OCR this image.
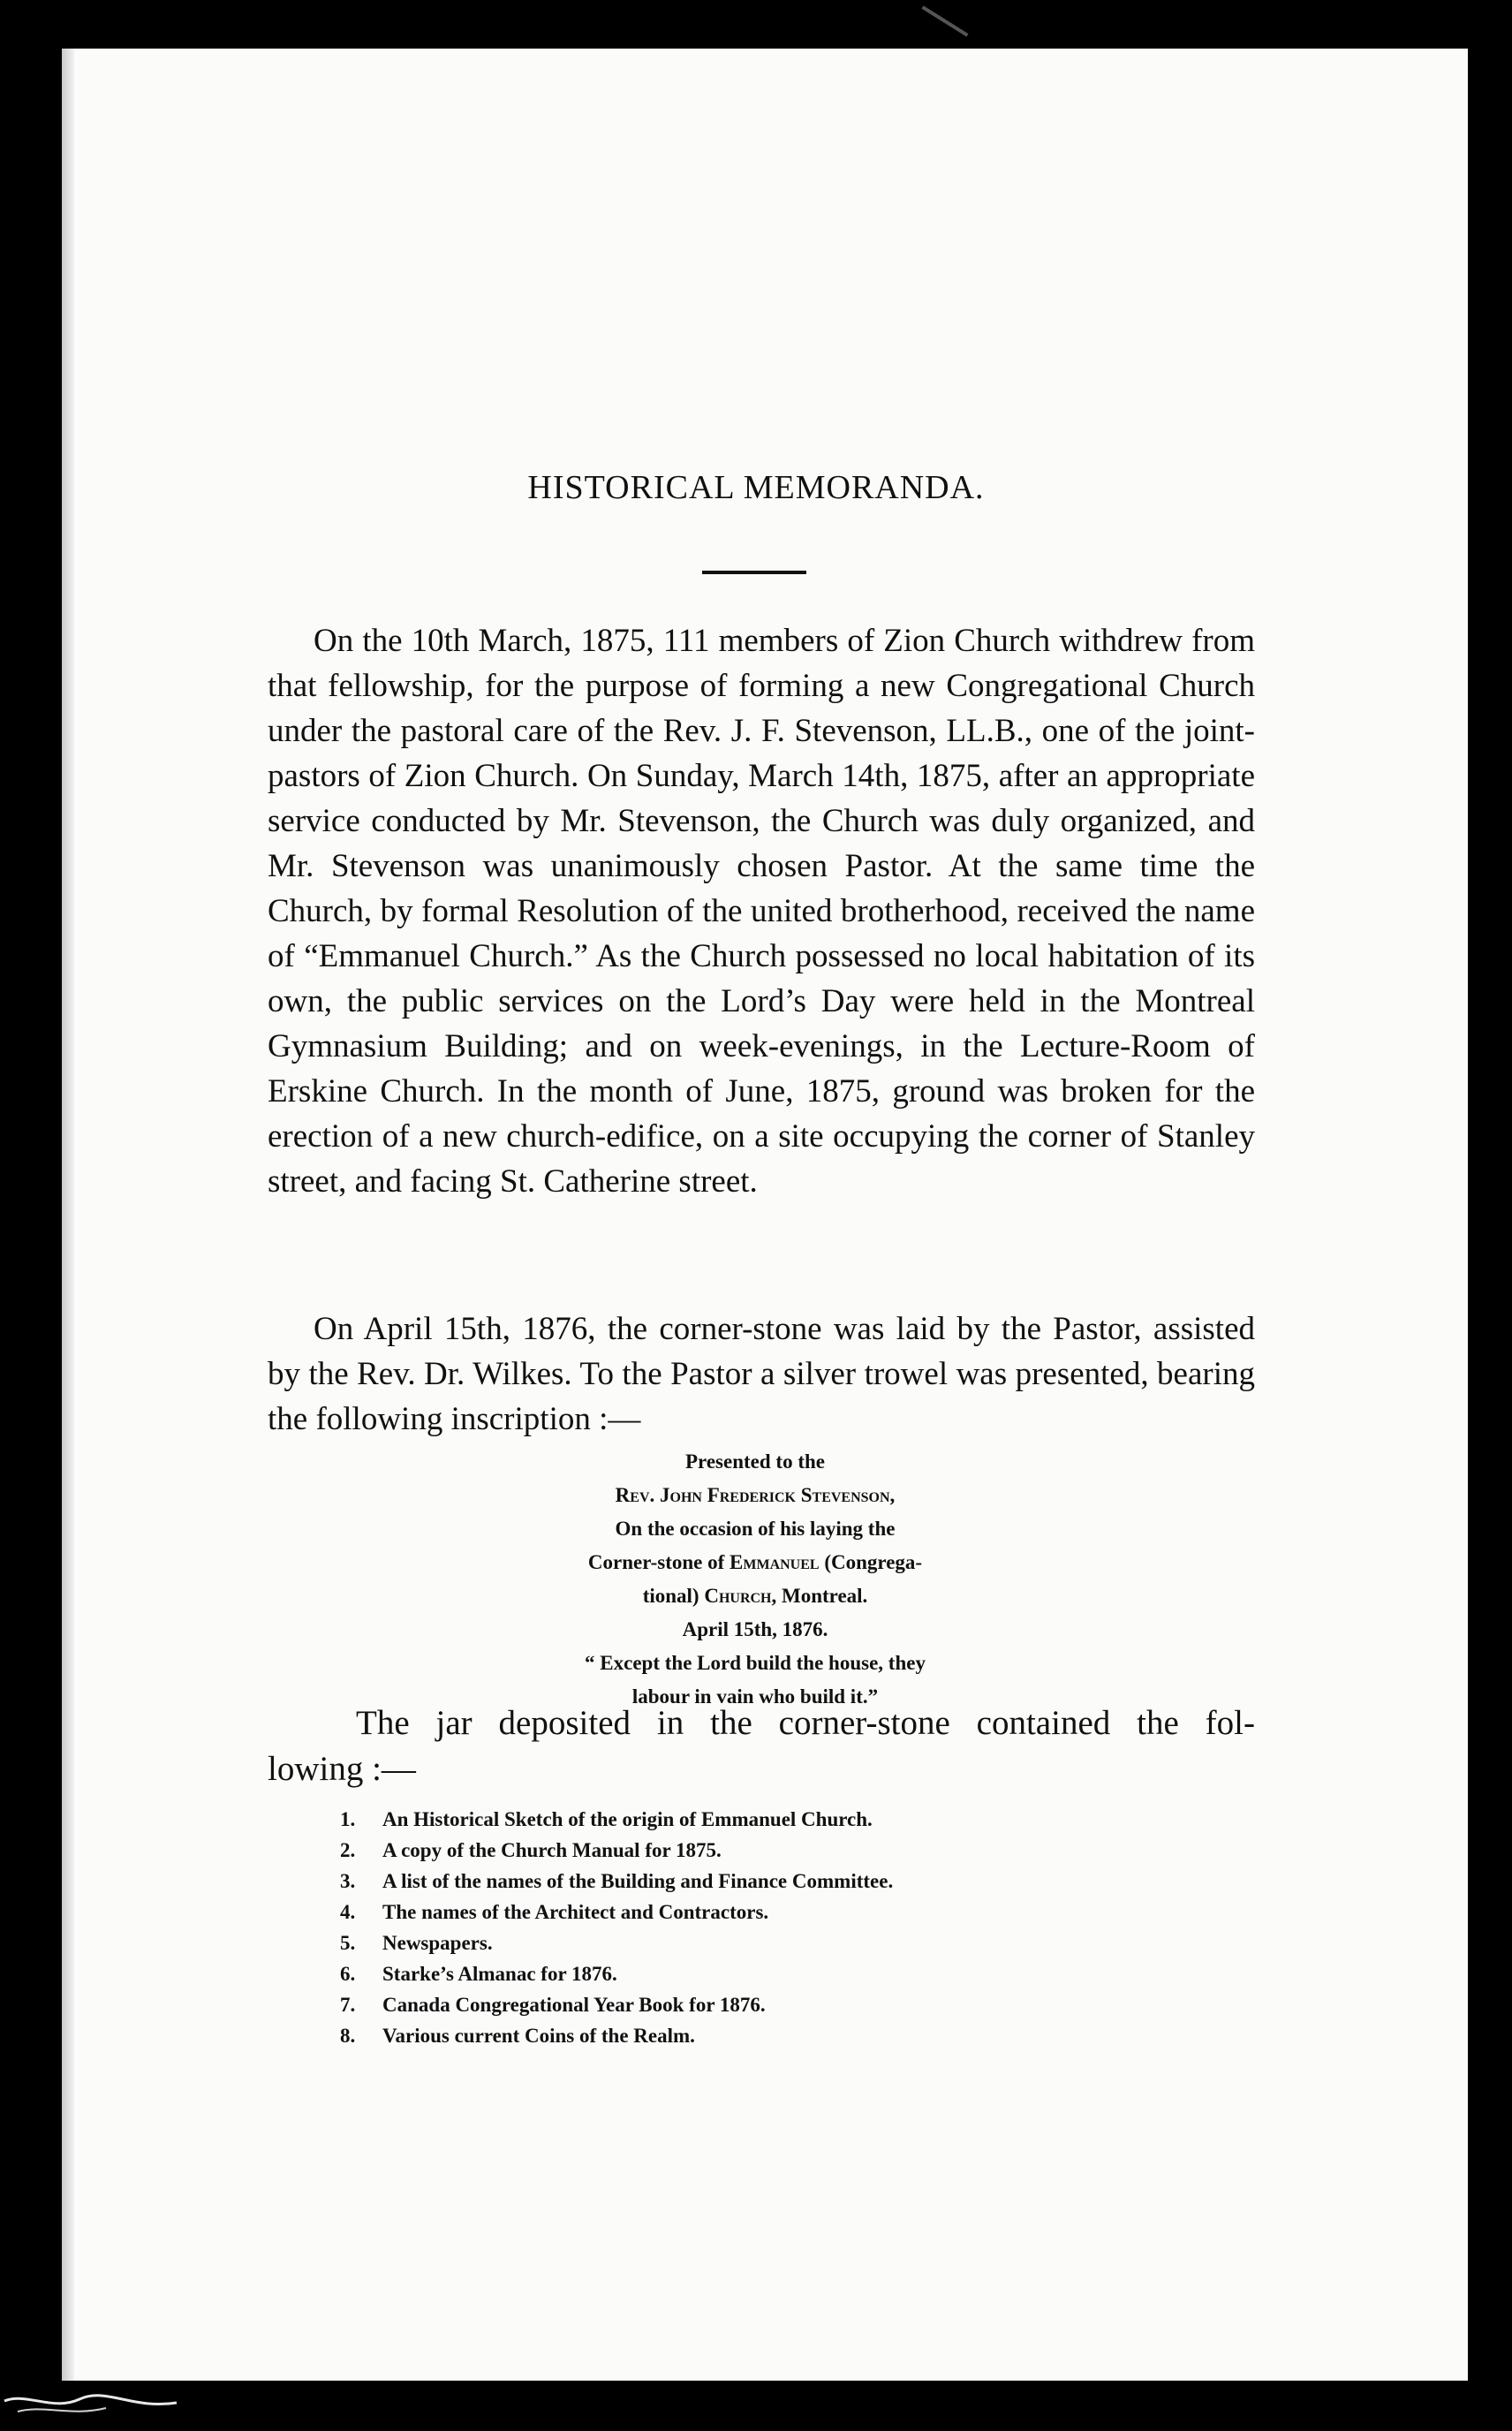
HISTORICAL MEMORANDA.

On the 10th March, 1875, 111 members of Zion Church withdrew from that fellowship, for the purpose of forming a new Congregational Church under the pastoral care of the Rev. J. F. Stevenson, LL.B., one of the joint-pastors of Zion Church. On Sunday, March 14th, 1875, after an appropriate service conducted by Mr. Stevenson, the Church was duly organized, and Mr. Stevenson was unanimously chosen Pastor. At the same time the Church, by formal Resolution of the united brotherhood, received the name of “Emmanuel Church.” As the Church possessed no local habitation of its own, the public services on the Lord’s Day were held in the Montreal Gymnasium Building; and on week-evenings, in the Lecture-Room of Erskine Church. In the month of June, 1875, ground was broken for the erection of a new church-edifice, on a site occupying the corner of Stanley street, and facing St. Catherine street.

On April 15th, 1876, the corner-stone was laid by the Pastor, assisted by the Rev. Dr. Wilkes. To the Pastor a silver trowel was presented, bearing the following inscription :—

Presented to the
Rev. John Frederick Stevenson,
On the occasion of his laying the
Corner-stone of Emmanuel (Congrega-
tional) Church, Montreal.
April 15th, 1876.
“ Except the Lord build the house, they
labour in vain who build it.”

The jar deposited in the corner-stone contained the fol-
lowing :—

1. An Historical Sketch of the origin of Emmanuel Church.
2. A copy of the Church Manual for 1875.
3. A list of the names of the Building and Finance Committee.
4. The names of the Architect and Contractors.
5. Newspapers.
6. Starke’s Almanac for 1876.
7. Canada Congregational Year Book for 1876.
8. Various current Coins of the Realm.
